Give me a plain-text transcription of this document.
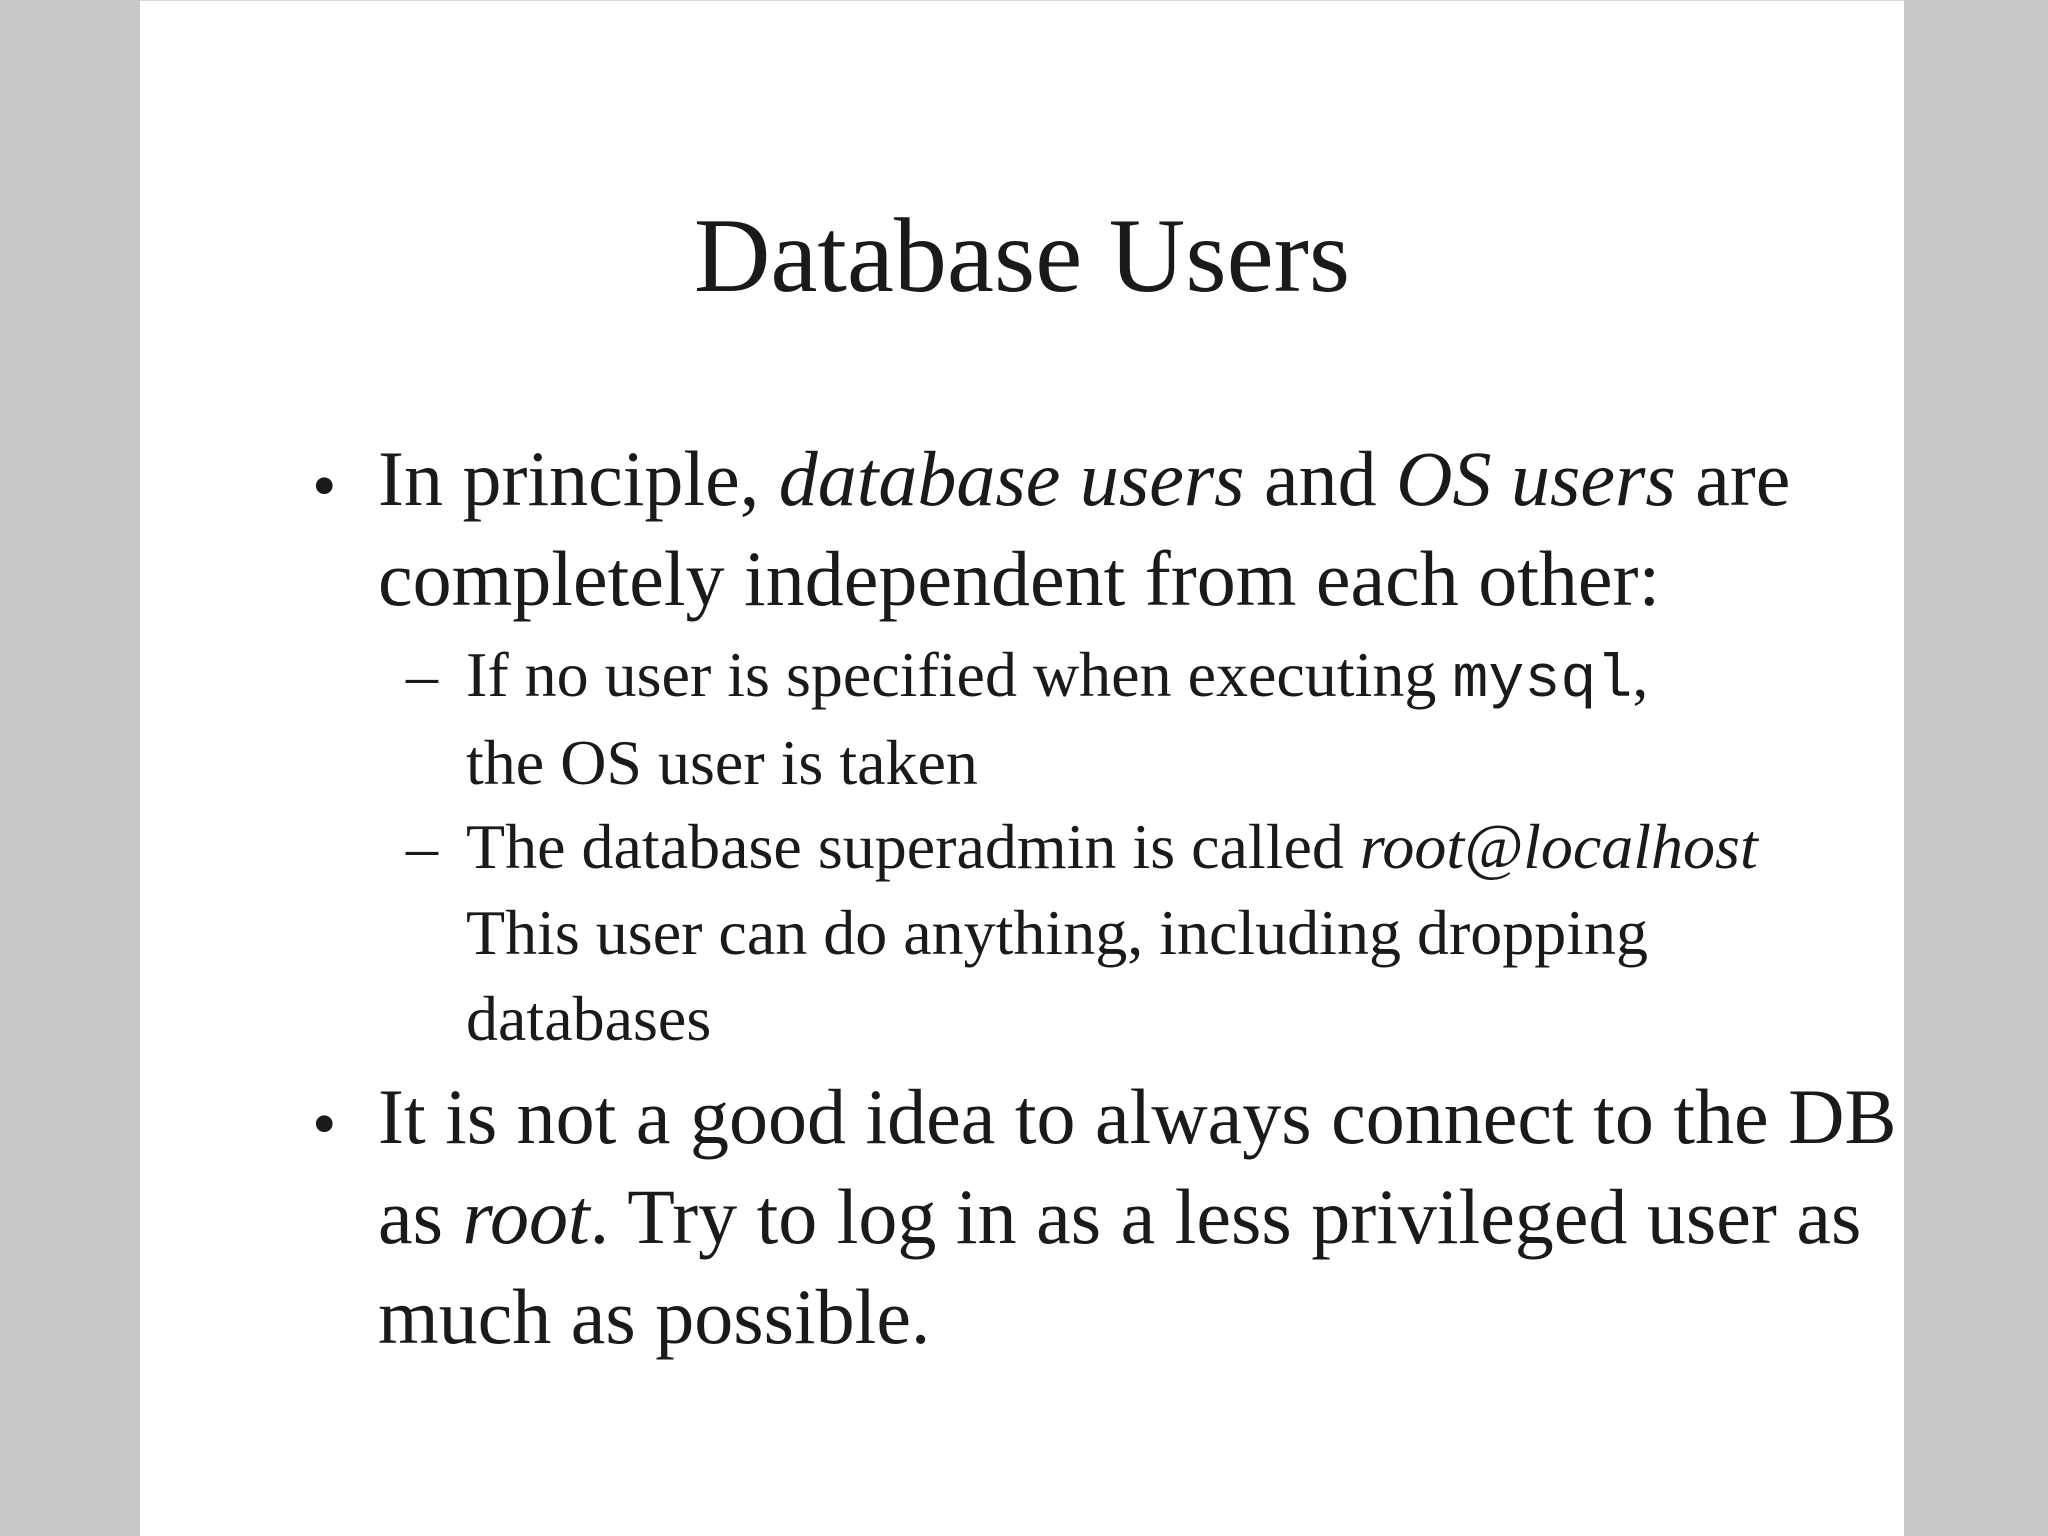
Database Users
• In principle, database users and OS users are
completely independent from each other:
– If no user is specified when executing mysql,
the OS user is taken
– The database superadmin is called root@localhost
This user can do anything, including dropping
databases
• It is not a good idea to always connect to the DB
as root. Try to log in as a less privileged user as
much as possible.
